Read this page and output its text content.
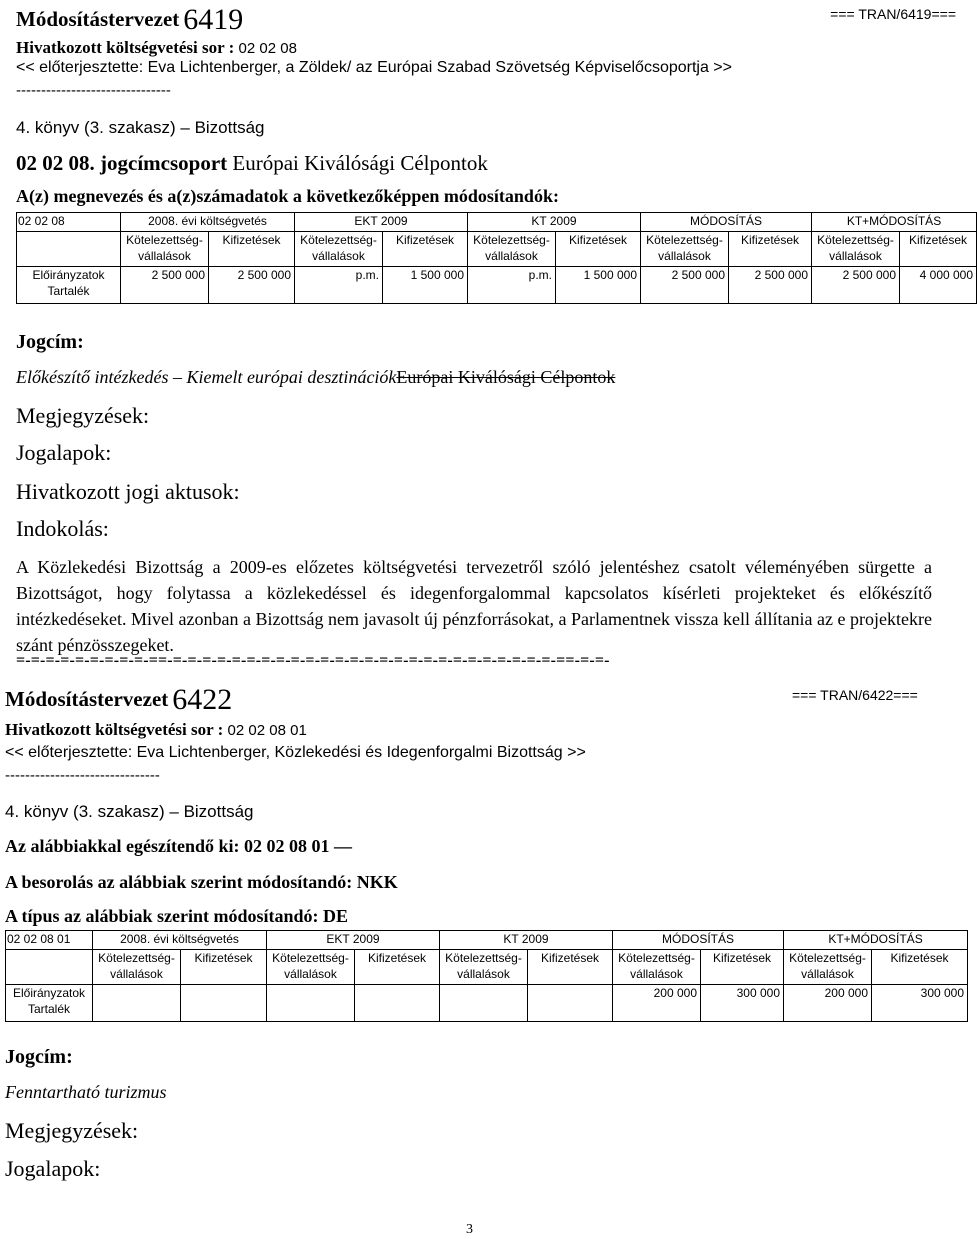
Módosítástervezet 6419	=== TRAN/6419===
Hivatkozott költségvetési sor : 02 02 08
<< előterjesztette: Eva Lichtenberger, a Zöldek/ az Európai Szabad Szövetség Képviselőcsoportja >>
-------------------------------
4. könyv (3. szakasz) – Bizottság
02 02 08. jogcímcsoport Európai Kiválósági Célpontok
A(z) megnevezés és a(z)számadatok a következőképpen módosítandók:
02 02 08	2008. évi költségvetés		EKT 2009		KT 2009		MÓDOSÍTÁS		KT+MÓDOSÍTÁS	
	Kötelezettség-
vállalások	Kifizetések	Kötelezettség-
vállalások	Kifizetések	Kötelezettség-
vállalások	Kifizetések	Kötelezettség-
vállalások	Kifizetések	Kötelezettség-
vállalások	Kifizetések
Előirányzatok
Tartalék	2 500 000	2 500 000	p.m.	1 500 000	p.m.	1 500 000	2 500 000	2 500 000	2 500 000	4 000 000
Jogcím:
Előkészítő intézkedés – Kiemelt európai desztinációkEurópai Kiválósági Célpontok
Megjegyzések:
Jogalapok:
Hivatkozott jogi aktusok:
Indokolás:
A Közlekedési Bizottság a 2009-es előzetes költségvetési tervezetről szóló jelentéshez csatolt véleményében sürgette a Bizottságot, hogy folytassa a közlekedéssel és idegenforgalommal kapcsolatos kísérleti projekteket és előkészítő intézkedéseket. Mivel azonban a Bizottság nem javasolt új pénzforrásokat, a Parlamentnek vissza kell állítania az e projektekre szánt pénzösszegeket.
=-=-=-=-=-=-=-=-=-==-=-=-=-=-=-=-=-=-=-=-=-=-=-=-=-=-=-=-=-=-=-=-=-=-=-=-==-=-=-
Módosítástervezet 6422	=== TRAN/6422===
Hivatkozott költségvetési sor : 02 02 08 01
<< előterjesztette: Eva Lichtenberger, Közlekedési és Idegenforgalmi Bizottság >>
-------------------------------
4. könyv (3. szakasz) – Bizottság
Az alábbiakkal egészítendő ki: 02 02 08 01 —
A besorolás az alábbiak szerint módosítandó: NKK
A típus az alábbiak szerint módosítandó: DE
02 02 08 01	2008. évi költségvetés		EKT 2009		KT 2009		MÓDOSÍTÁS		KT+MÓDOSÍTÁS	
	Kötelezettség-
vállalások	Kifizetések	Kötelezettség-
vállalások	Kifizetések	Kötelezettség-
vállalások	Kifizetések	Kötelezettség-
vállalások	Kifizetések	Kötelezettség-
vállalások	Kifizetések
Előirányzatok
Tartalék							200 000	300 000	200 000	300 000
Jogcím:
Fenntartható turizmus
Megjegyzések:
Jogalapok:
3
